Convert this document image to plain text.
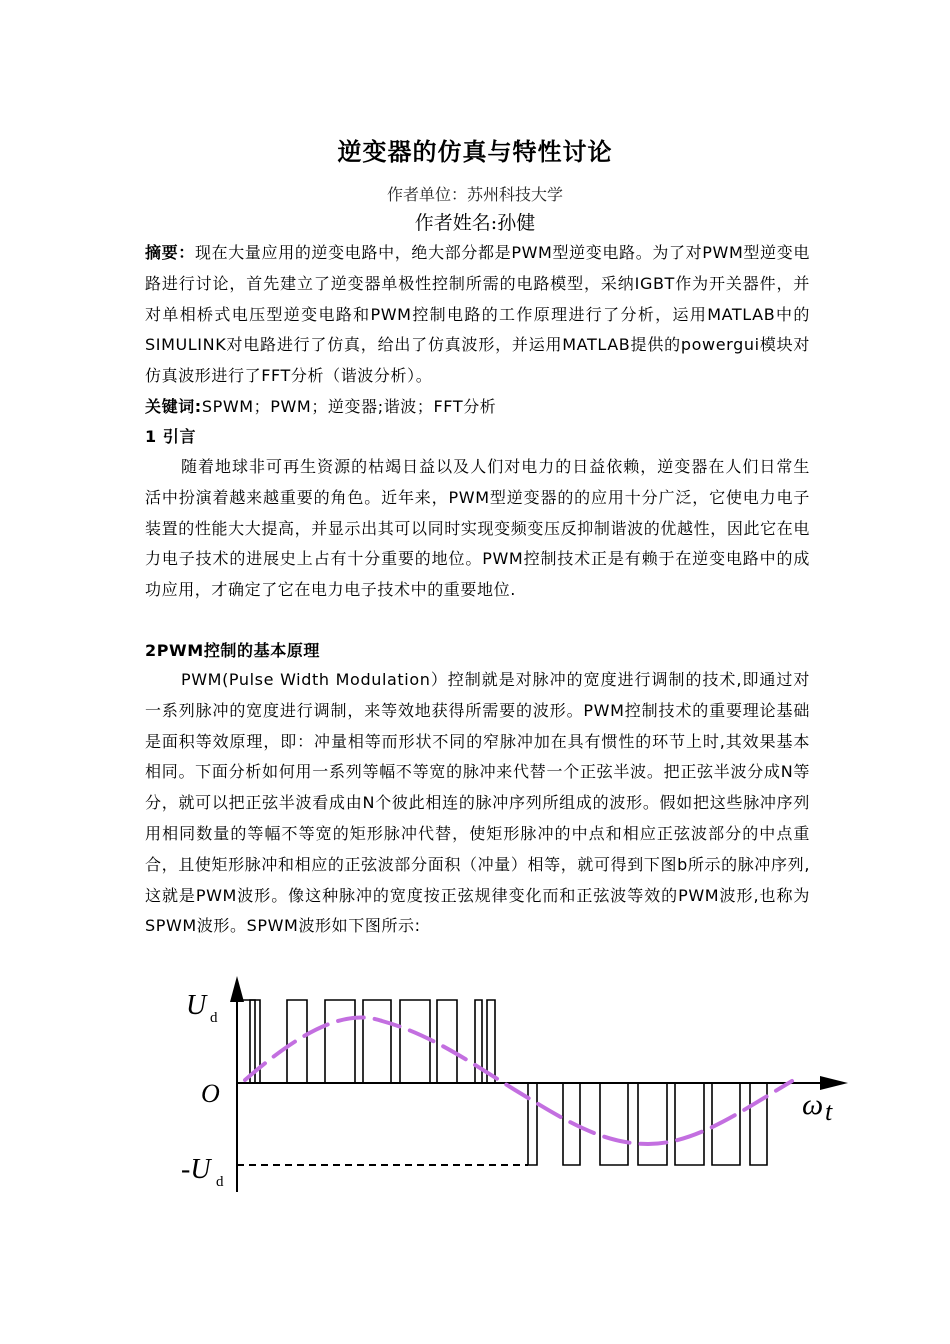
逆变器的仿真与特性讨论
作者单位：苏州科技大学
作者姓名:孙健
摘要：现在大量应用的逆变电路中，绝大部分都是PWM型逆变电路。为了对PWM型逆变电路进行讨论，首先建立了逆变器单极性控制所需的电路模型，采纳IGBT作为开关器件，并对单相桥式电压型逆变电路和PWM控制电路的工作原理进行了分析，运用MATLAB中的SIMULINK对电路进行了仿真，给出了仿真波形，并运用MATLAB提供的powergui模块对仿真波形进行了FFT分析（谐波分析）。
关键词:SPWM；PWM；逆变器;谐波；FFT分析
1 引言
随着地球非可再生资源的枯竭日益以及人们对电力的日益依赖，逆变器在人们日常生活中扮演着越来越重要的角色。近年来，PWM型逆变器的的应用十分广泛，它使电力电子装置的性能大大提高，并显示出其可以同时实现变频变压反抑制谐波的优越性，因此它在电力电子技术的进展史上占有十分重要的地位。PWM控制技术正是有赖于在逆变电路中的成功应用，才确定了它在电力电子技术中的重要地位.
2PWM控制的基本原理
PWM(Pulse Width Modulation）控制就是对脉冲的宽度进行调制的技术,即通过对一系列脉冲的宽度进行调制，来等效地获得所需要的波形。PWM控制技术的重要理论基础是面积等效原理，即：冲量相等而形状不同的窄脉冲加在具有惯性的环节上时,其效果基本相同。下面分析如何用一系列等幅不等宽的脉冲来代替一个正弦半波。把正弦半波分成N等分，就可以把正弦半波看成由N个彼此相连的脉冲序列所组成的波形。假如把这些脉冲序列用相同数量的等幅不等宽的矩形脉冲代替，使矩形脉冲的中点和相应正弦波部分的中点重合，且使矩形脉冲和相应的正弦波部分面积（冲量）相等，就可得到下图b所示的脉冲序列,这就是PWM波形。像这种脉冲的宽度按正弦规律变化而和正弦波等效的PWM波形,也称为SPWM波形。SPWM波形如下图所示:
U d
O
-U d
ω t
